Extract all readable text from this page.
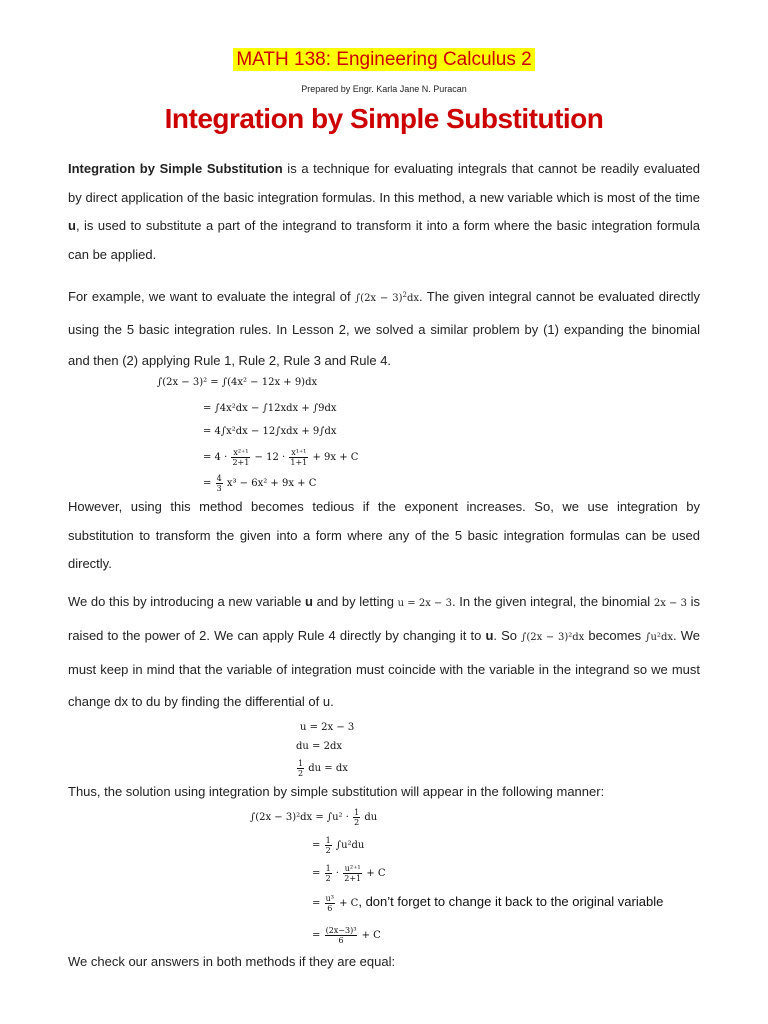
MATH 138: Engineering Calculus 2
Prepared by Engr. Karla Jane N. Puracan
Integration by Simple Substitution
Integration by Simple Substitution is a technique for evaluating integrals that cannot be readily evaluated by direct application of the basic integration formulas. In this method, a new variable which is most of the time u, is used to substitute a part of the integrand to transform it into a form where the basic integration formula can be applied.
For example, we want to evaluate the integral of $\int(2x - 3)^2dx$. The given integral cannot be evaluated directly using the 5 basic integration rules. In Lesson 2, we solved a similar problem by (1) expanding the binomial and then (2) applying Rule 1, Rule 2, Rule 3 and Rule 4.
∫(2x − 3)² = ∫(4x² − 12x + 9)dx
= ∫4x²dx − ∫12xdx + ∫9dx
= 4∫x²dx − 12∫xdx + 9∫dx
= $4 \cdot \frac{\text{x²⁺¹}}{2+1} - 12 \cdot \frac{\text{x¹⁺¹}}{1+1} + 9x + C$
= $\frac{4}{3} x^3 - 6x^2 + 9x + C$
However, using this method becomes tedious if the exponent increases. So, we use integration by substitution to transform the given into a form where any of the 5 basic integration formulas can be used directly.
We do this by introducing a new variable u and by letting u = 2x − 3. In the given integral, the binomial 2x − 3 is raised to the power of 2. We can apply Rule 4 directly by changing it to u. So ∫(2x − 3)²dx becomes ∫u²dx. We must keep in mind that the variable of integration must coincide with the variable in the integrand so we must change dx to du by finding the differential of u.
u = 2x − 3
du = 2dx
$\frac{1}{2}$ du = dx
Thus, the solution using integration by simple substitution will appear in the following manner:
$\int(2x - 3)^2dx = \int u^2 \cdot \frac{1}{2}$ du
= $\frac{1}{2} \int u^2du$
= $\frac{1}{2} \cdot \frac{\text{u²⁺¹}}{2+1} + C$
= $\frac{\text{u³}}{6} + C$, don’t forget to change it back to the original variable
= $\frac{\text{(2x−3)³}}{6} + C$
We check our answers in both methods if they are equal:
